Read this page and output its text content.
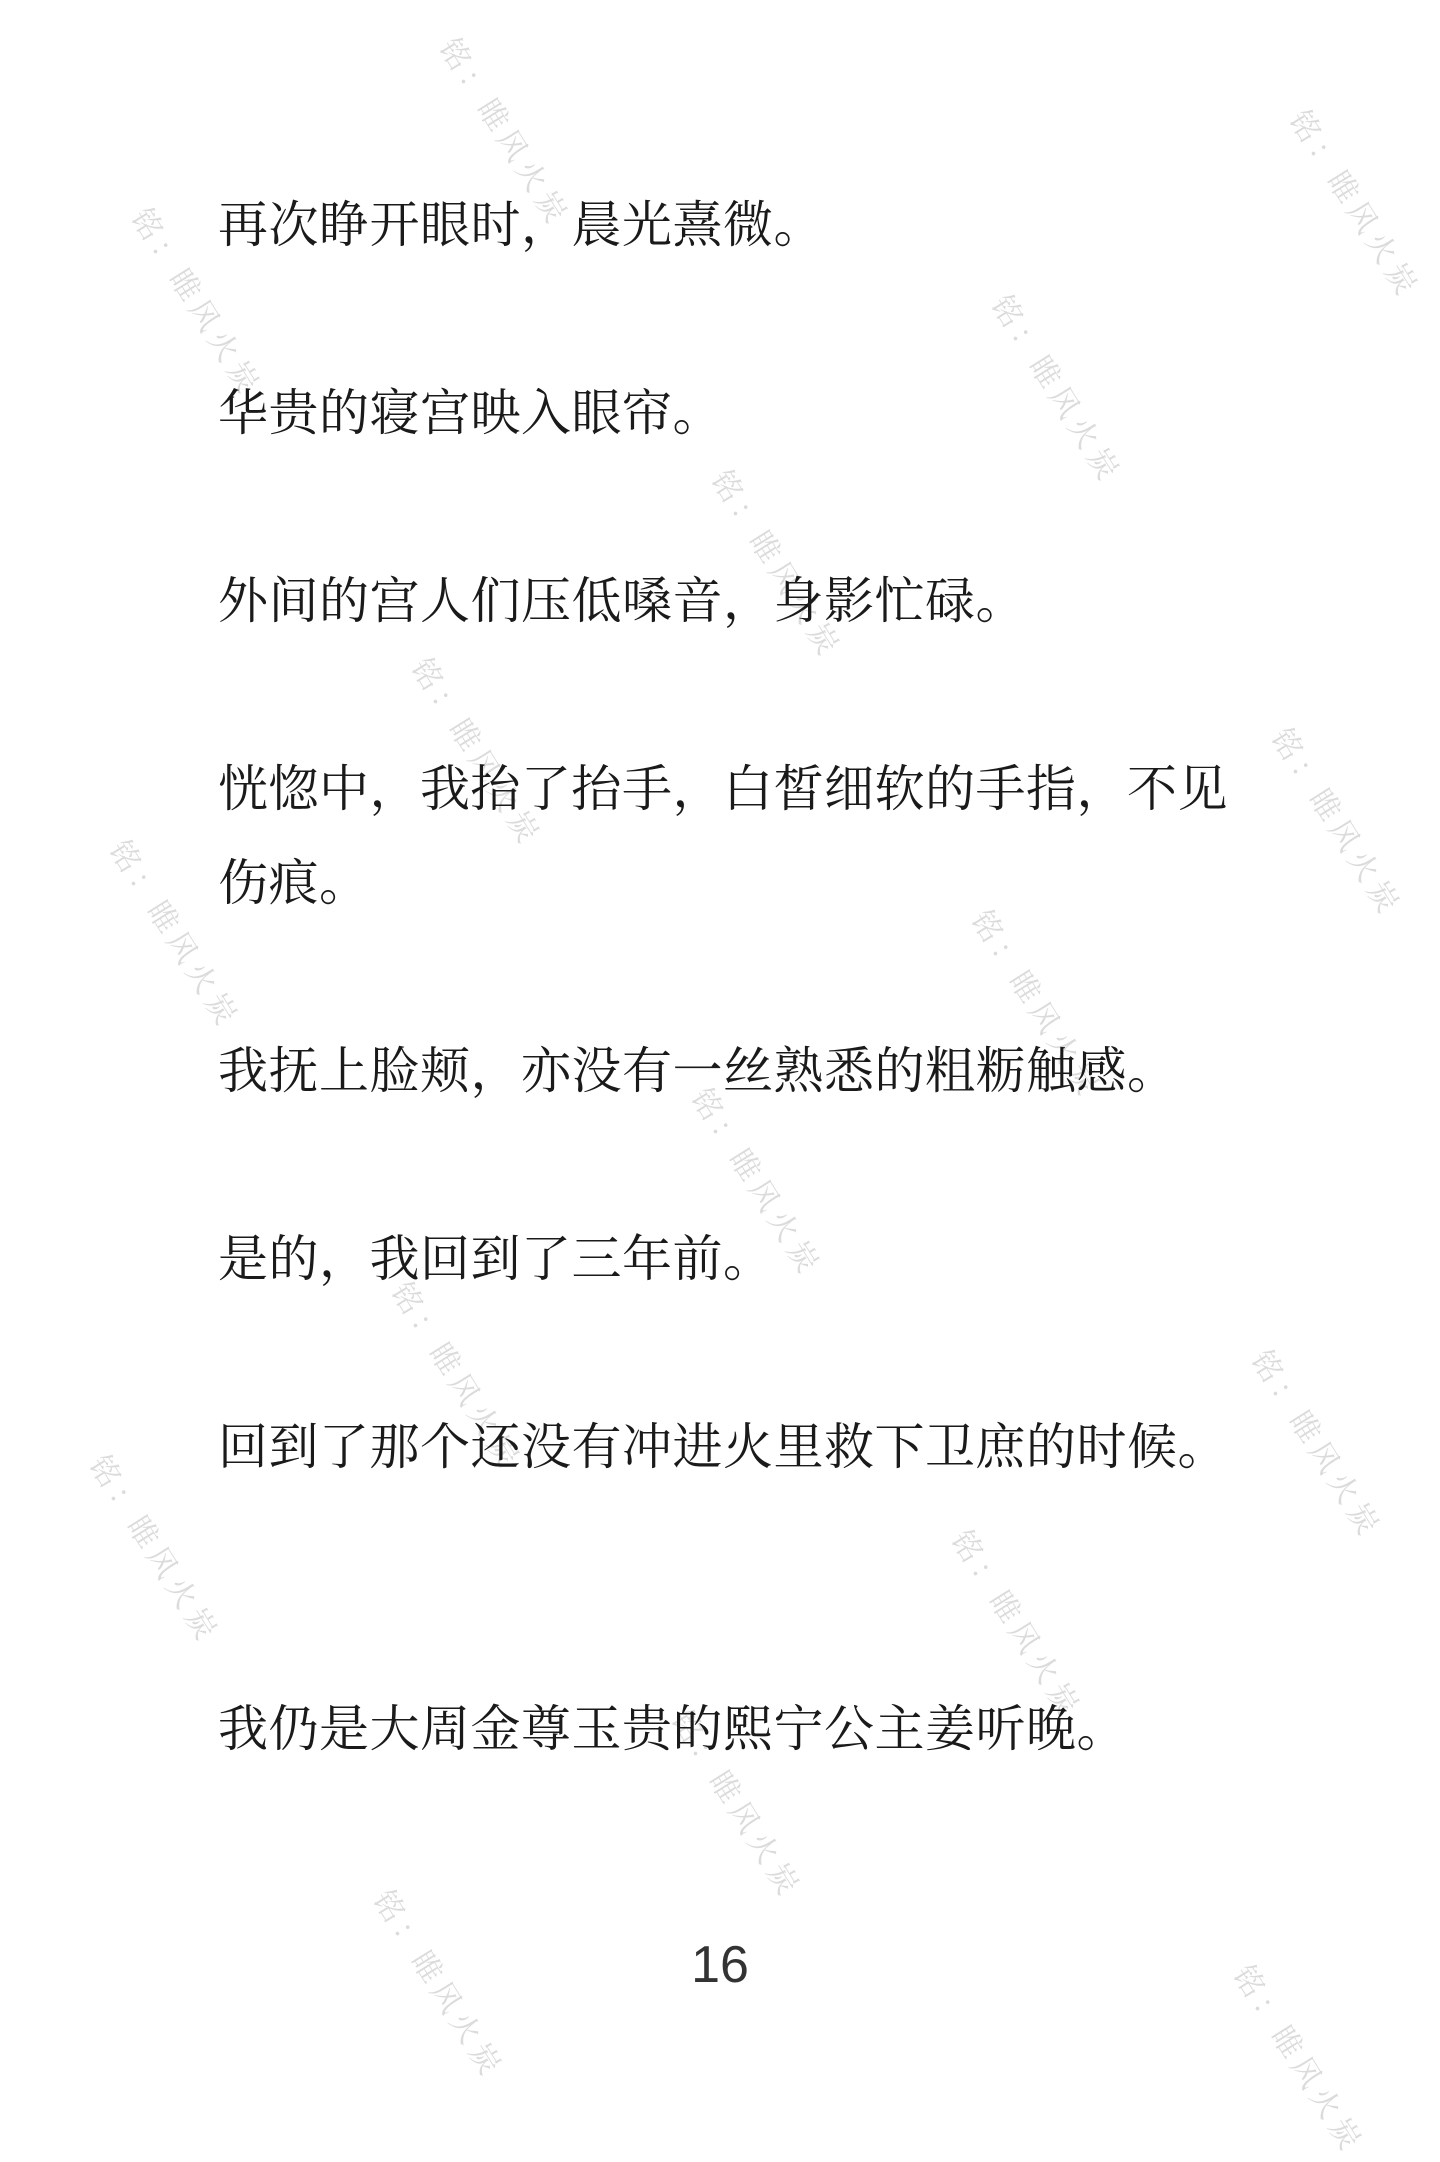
铭：睢风火炭	铭：睢风火炭
铭：睢风火炭	铭：睢风火炭
铭：睢风火炭
铭：睢风火炭	铭：睢风火炭
铭：睢风火炭	铭：睢风火炭
铭：睢风火炭
铭：睢风火炭	铭：睢风火炭
铭：睢风火炭	铭：睢风火炭
铭：睢风火炭
铭：睢风火炭	铭：睢风火炭

再次睁开眼时，晨光熹微。

华贵的寝宫映入眼帘。

外间的宫人们压低嗓音，身影忙碌。

恍惚中，我抬了抬手，白皙细软的手指，不见伤痕。

我抚上脸颊，亦没有一丝熟悉的粗粝触感。

是的，我回到了三年前。

回到了那个还没有冲进火里救下卫庶的时候。

我仍是大周金尊玉贵的熙宁公主姜听晚。

16
